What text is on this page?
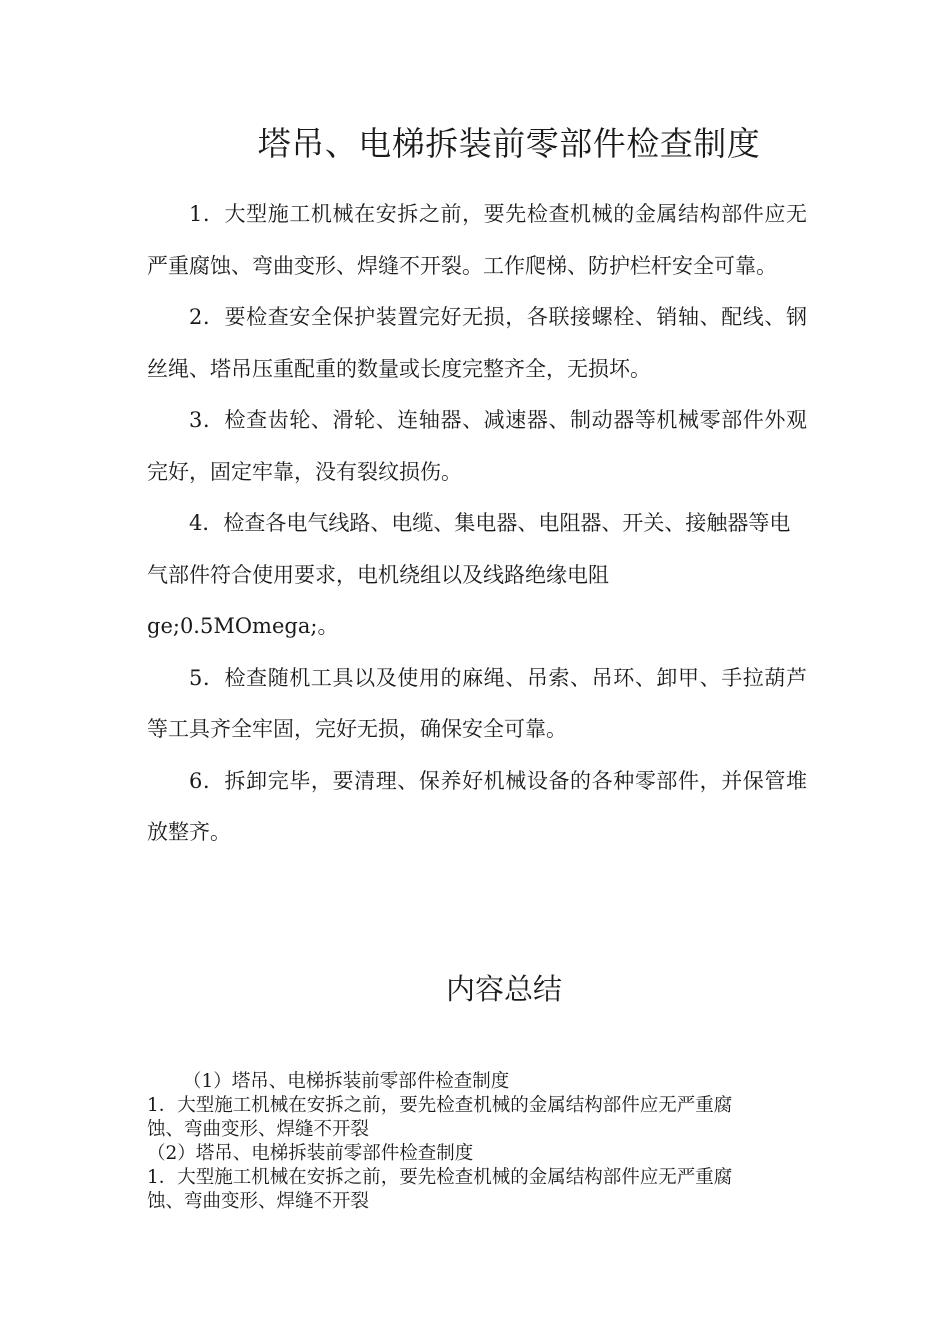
塔吊、电梯拆装前零部件检查制度

1．大型施工机械在安拆之前，要先检查机械的金属结构部件应无严重腐蚀、弯曲变形、焊缝不开裂。工作爬梯、防护栏杆安全可靠。

2．要检查安全保护装置完好无损，各联接螺栓、销轴、配线、钢丝绳、塔吊压重配重的数量或长度完整齐全，无损坏。

3．检查齿轮、滑轮、连轴器、减速器、制动器等机械零部件外观完好，固定牢靠，没有裂纹损伤。

4．检查各电气线路、电缆、集电器、电阻器、开关、接触器等电气部件符合使用要求，电机绕组以及线路绝缘电阻

ge;0.5MOmega;。

5．检查随机工具以及使用的麻绳、吊索、吊环、卸甲、手拉葫芦等工具齐全牢固，完好无损，确保安全可靠。

6．拆卸完毕，要清理、保养好机械设备的各种零部件，并保管堆放整齐。

内容总结

（1）塔吊、电梯拆装前零部件检查制度

1．大型施工机械在安拆之前，要先检查机械的金属结构部件应无严重腐

蚀、弯曲变形、焊缝不开裂

（2）塔吊、电梯拆装前零部件检查制度

1．大型施工机械在安拆之前，要先检查机械的金属结构部件应无严重腐

蚀、弯曲变形、焊缝不开裂
